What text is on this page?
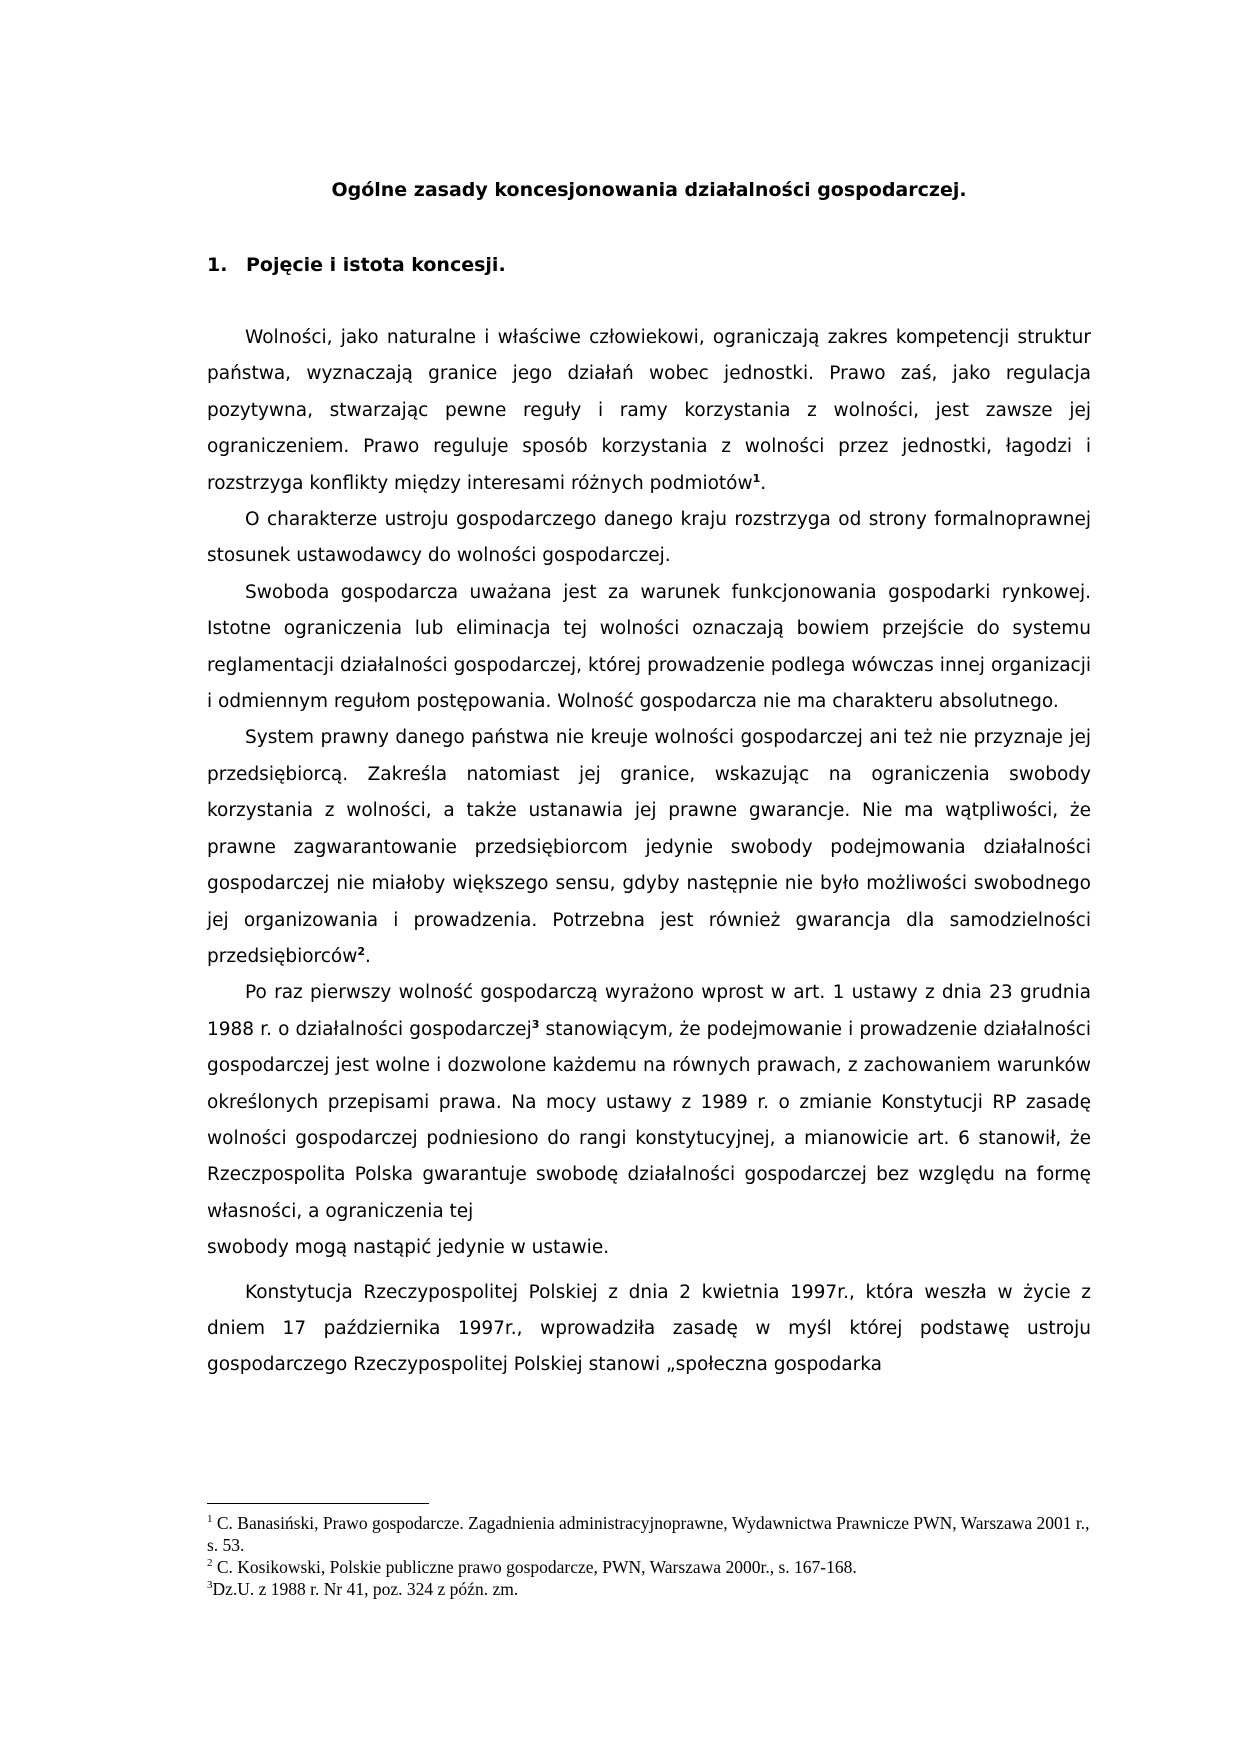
Ogólne zasady koncesjonowania działalności gospodarczej.
1. Pojęcie i istota koncesji.

Wolności, jako naturalne i właściwe człowiekowi, ograniczają zakres kompetencji struktur państwa, wyznaczają granice jego działań wobec jednostki. Prawo zaś, jako regulacja pozytywna, stwarzając pewne reguły i ramy korzystania z wolności, jest zawsze jej ograniczeniem. Prawo reguluje sposób korzystania z wolności przez jednostki, łagodzi i rozstrzyga konflikty między interesami różnych podmiotów$^1$.

O charakterze ustroju gospodarczego danego kraju rozstrzyga od strony formalnoprawnej stosunek ustawodawcy do wolności gospodarczej.

Swoboda gospodarcza uważana jest za warunek funkcjonowania gospodarki rynkowej. Istotne ograniczenia lub eliminacja tej wolności oznaczają bowiem przejście do systemu reglamentacji działalności gospodarczej, której prowadzenie podlega wówczas innej organizacji i odmiennym regułom postępowania. Wolność gospodarcza nie ma charakteru absolutnego.

System prawny danego państwa nie kreuje wolności gospodarczej ani też nie przyznaje jej przedsiębiorcą. Zakreśla natomiast jej granice, wskazując na ograniczenia swobody korzystania z wolności, a także ustanawia jej prawne gwarancje. Nie ma wątpliwości, że prawne zagwarantowanie przedsiębiorcom jedynie swobody podejmowania działalności gospodarczej nie miałoby większego sensu, gdyby następnie nie było możliwości swobodnego jej organizowania i prowadzenia. Potrzebna jest również gwarancja dla samodzielności przedsiębiorców$^2$.

Po raz pierwszy wolność gospodarczą wyrażono wprost w art. 1 ustawy z dnia 23 grudnia 1988 r. o działalności gospodarczej$^3$ stanowiącym, że podejmowanie i prowadzenie działalności gospodarczej jest wolne i dozwolone każdemu na równych prawach, z zachowaniem warunków określonych przepisami prawa. Na mocy ustawy z 1989 r. o zmianie Konstytucji RP zasadę wolności gospodarczej podniesiono do rangi konstytucyjnej, a mianowicie art. 6 stanowił, że Rzeczpospolita Polska gwarantuje swobodę działalności gospodarczej bez względu na formę własności, a ograniczenia tej

swobody mogą nastąpić jedynie w ustawie.

Konstytucja Rzeczypospolitej Polskiej z dnia 2 kwietnia 1997r., która weszła w życie z dniem 17 października 1997r., wprowadziła zasadę w myśl której podstawę ustroju gospodarczego Rzeczypospolitej Polskiej stanowi „społeczna gospodarka

$^1$ C. Banasiński, Prawo gospodarcze. Zagadnienia administracyjnoprawne, Wydawnictwa Prawnicze PWN, Warszawa 2001 r., s. 53.

$^2$ C. Kosikowski, Polskie publiczne prawo gospodarcze, PWN, Warszawa 2000r., s. 167-168.

$^3$Dz.U. z 1988 r. Nr 41, poz. 324 z późn. zm.
